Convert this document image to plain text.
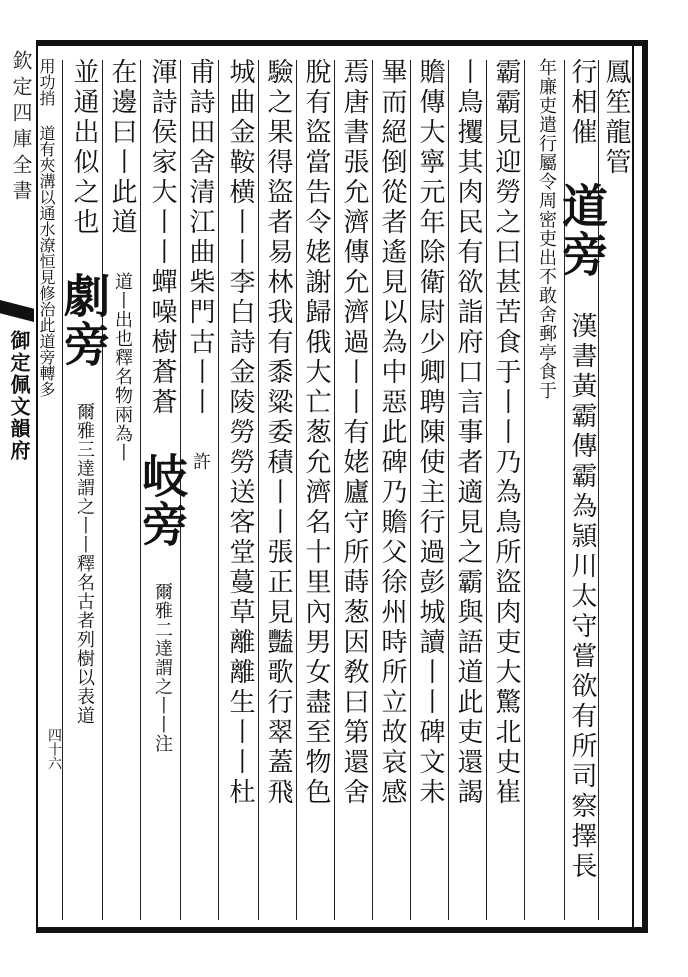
欽定四庫全書
御定佩文韻府
鳳笙龍管
行相催 道旁 漢書黃霸傳霸為頴川太守嘗欲有所司察擇長
年廉吏遣行屬令周密吏出不敢舍郵亭食于
霸霸見迎勞之曰甚苦食于丨丨乃為鳥所盜肉吏大驚北史崔
丨鳥攫其肉民有欲詣府口言事者適見之霸與語道此吏還謁
贍傳大寧元年除衛尉少卿聘陳使主行過彭城讀丨丨碑文未
畢而絕倒從者遙見以為中惡此碑乃贍父徐州時所立故哀感
焉唐書張允濟傳允濟過丨丨有姥廬守所蒔葱因敎曰第還舍
脫有盜當告令姥謝歸俄大亡葱允濟名十里內男女盡至物色
驗之果得盜者易林我有黍粱委積丨丨張正見豔歌行翠蓋飛
城曲金鞍横丨丨李白詩金陵勞勞送客堂蔓草離離生丨丨杜
甫詩田舍清江曲柴門古丨丨 許
渾詩侯家大丨丨蟬噪樹蒼蒼 岐旁 爾雅二達謂之丨丨注
在邊曰丨此道 道丨出也釋名物兩為丨
並通出似之也 劇旁 爾雅三達謂之丨丨釋名古者列樹以表道
用功捎 道有夾溝以通水潦恒見修治此道旁轉多
四十六
